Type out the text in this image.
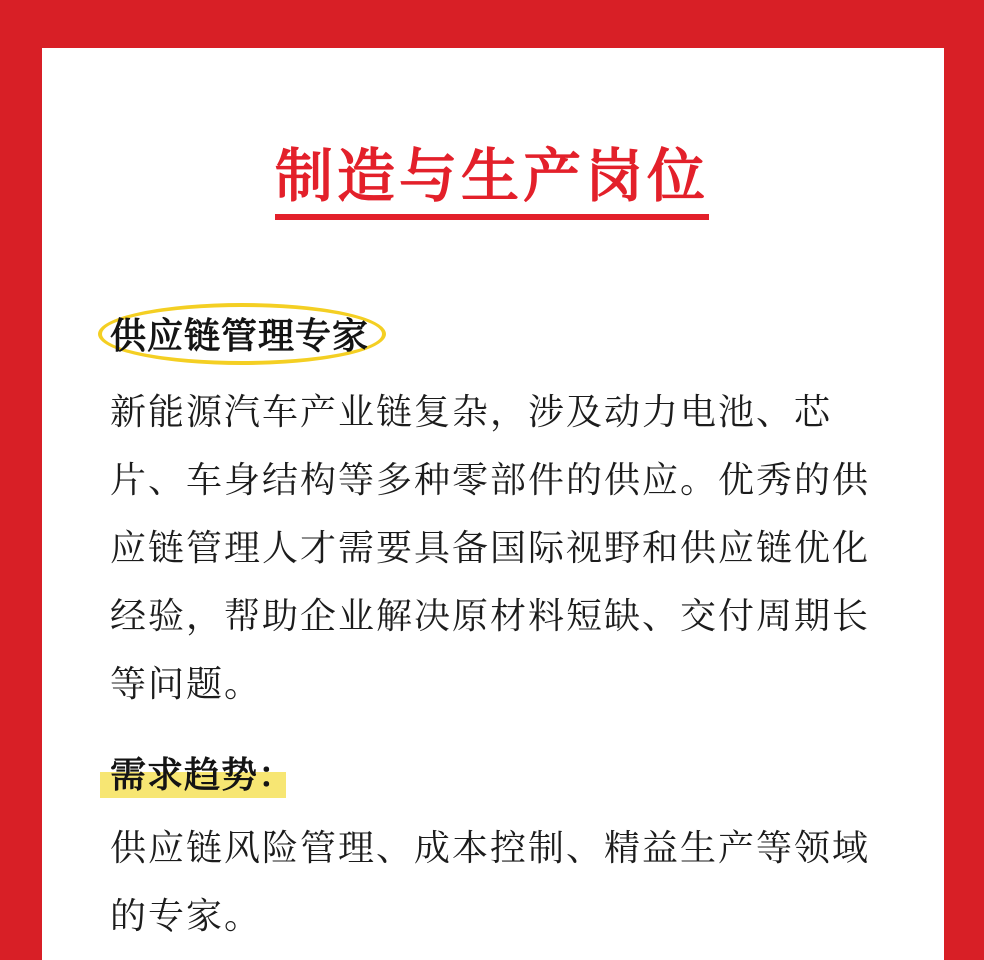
制造与生产岗位
供应链管理专家
新能源汽车产业链复杂，涉及动力电池、芯片、车身结构等多种零部件的供应。优秀的供应链管理人才需要具备国际视野和供应链优化经验，帮助企业解决原材料短缺、交付周期长等问题。
需求趋势：
供应链风险管理、成本控制、精益生产等领域的专家。
